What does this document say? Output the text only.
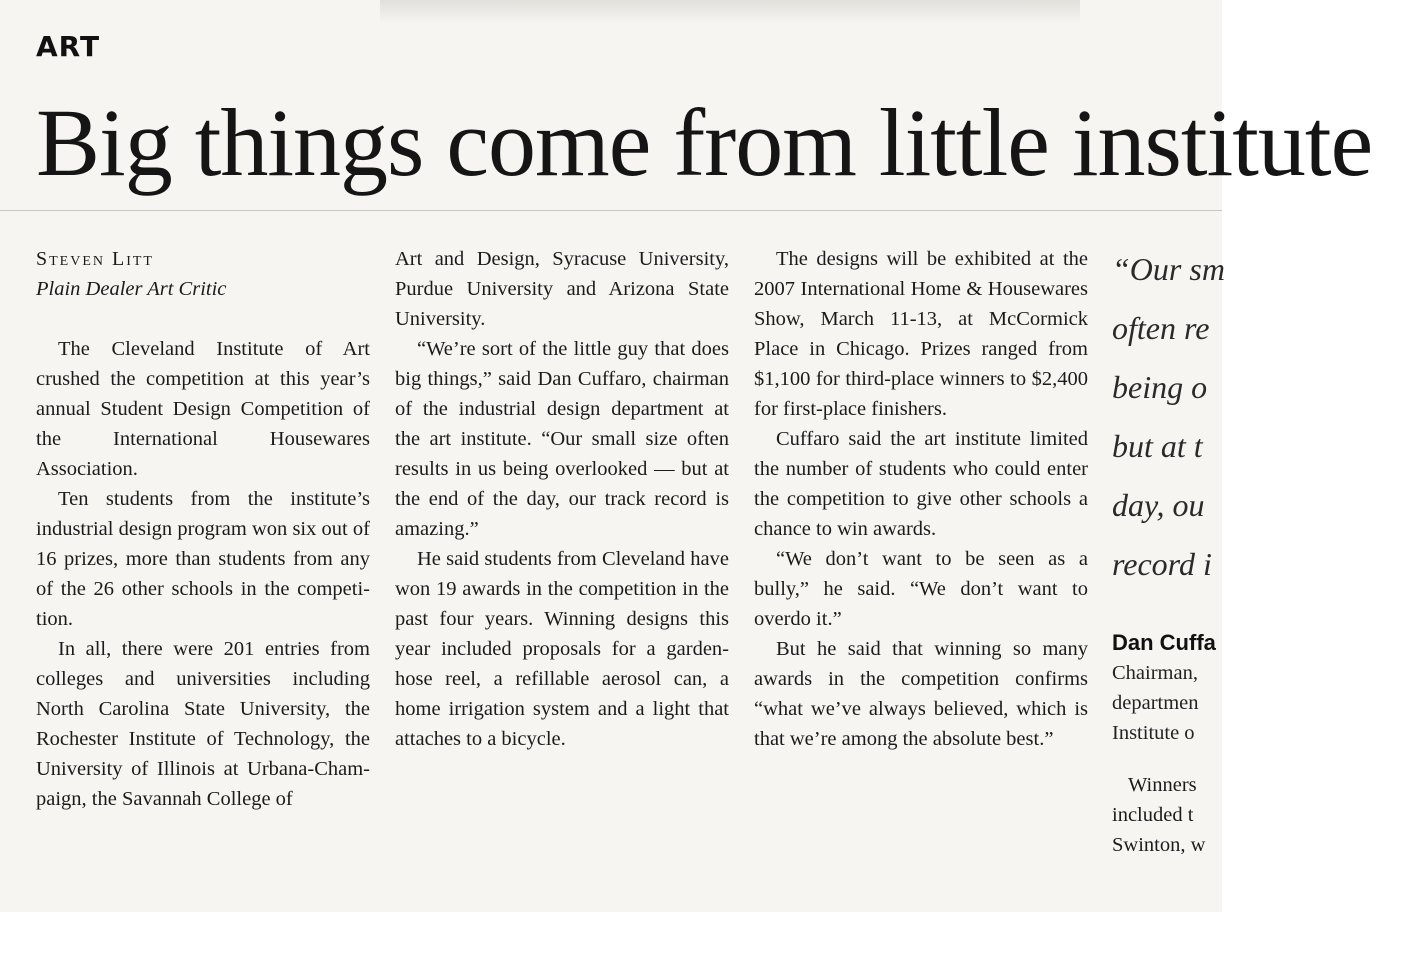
ART
Big things come from little institute
Steven Litt
Plain Dealer Art Critic

The Cleveland Institute of Art crushed the competition at this year’s annual Student Design Competition of the International Housewares Association.

Ten students from the institute’s industrial design program won six out of 16 prizes, more than students from any of the 26 other schools in the competition.

In all, there were 201 entries from colleges and universities including North Carolina State University, the Rochester Institute of Technology, the University of Illinois at Urbana-Champaign, the Savannah College of

Art and Design, Syracuse University, Purdue University and Arizona State University.

“We’re sort of the little guy that does big things,” said Dan Cuffaro, chairman of the industrial design department at the art institute. “Our small size often results in us being overlooked — but at the end of the day, our track record is amazing.”

He said students from Cleveland have won 19 awards in the competition in the past four years. Winning designs this year included proposals for a garden-hose reel, a refillable aerosol can, a home irrigation system and a light that attaches to a bicycle.

The designs will be exhibited at the 2007 International Home & Housewares Show, March 11-13, at McCormick Place in Chicago. Prizes ranged from $1,100 for third-place winners to $2,400 for first-place finishers.

Cuffaro said the art institute limited the number of students who could enter the competition to give other schools a chance to win awards.

“We don’t want to be seen as a bully,” he said. “We don’t want to overdo it.”

But he said that winning so many awards in the competition confirms “what we’ve always believed, which is that we’re among the absolute best.”

“Our sm
often re
being o
but at t
day, ou
record i
Dan Cuffa
Chairman,
departmen
Institute o
Winners
included t
Swinton, w
